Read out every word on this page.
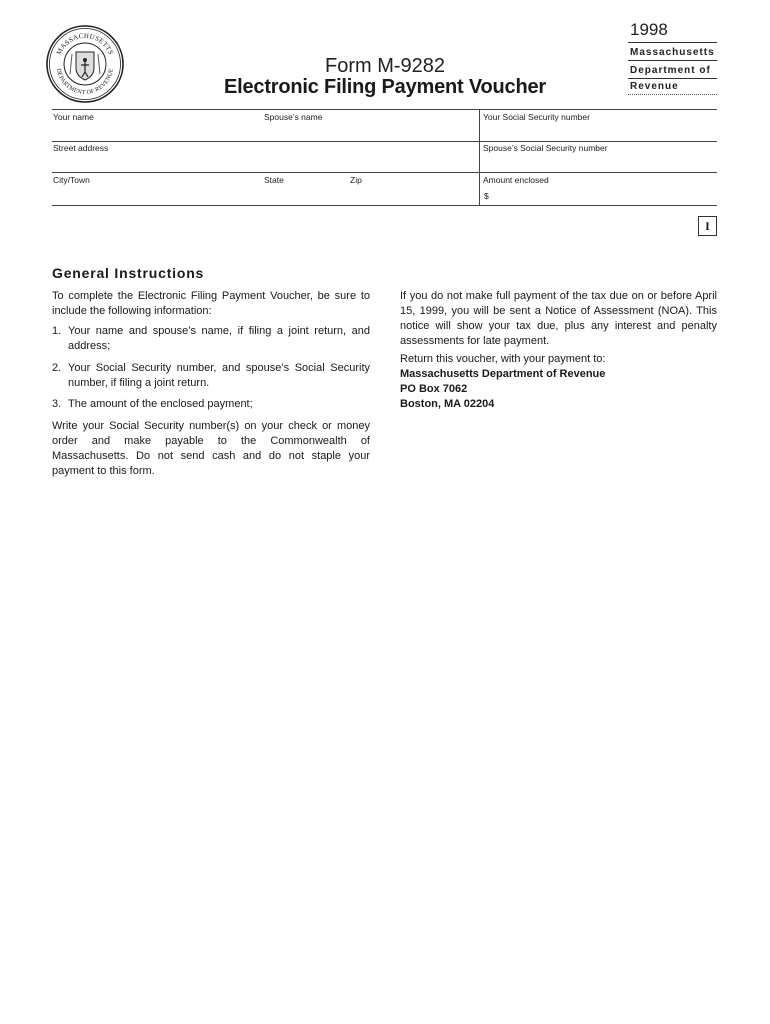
MASSACHUSETTS
DEPARTMENT OF REVENUE	Form M-9282
Electronic Filing Payment Voucher
1998
Massachusetts
Department of
Revenue
Your name	Spouse’s name	Your Social Security number
Street address	Spouse’s Social Security number
City/Town	State	Zip	Amount enclosed
$
I
General Instructions
To complete the Electronic Filing Payment Voucher, be sure to include the following information:
1. Your name and spouse’s name, if filing a joint return, and address;
2. Your Social Security number, and spouse’s Social Security number, if filing a joint return.
3. The amount of the enclosed payment;
Write your Social Security number(s) on your check or money order and make payable to the Commonwealth of Massachusetts. Do not send cash and do not staple your payment to this form.
If you do not make full payment of the tax due on or before April 15, 1999, you will be sent a Notice of Assessment (NOA). This notice will show your tax due, plus any interest and penalty assessments for late payment.
Return this voucher, with your payment to:
Massachusetts Department of Revenue
PO Box 7062
Boston, MA 02204
